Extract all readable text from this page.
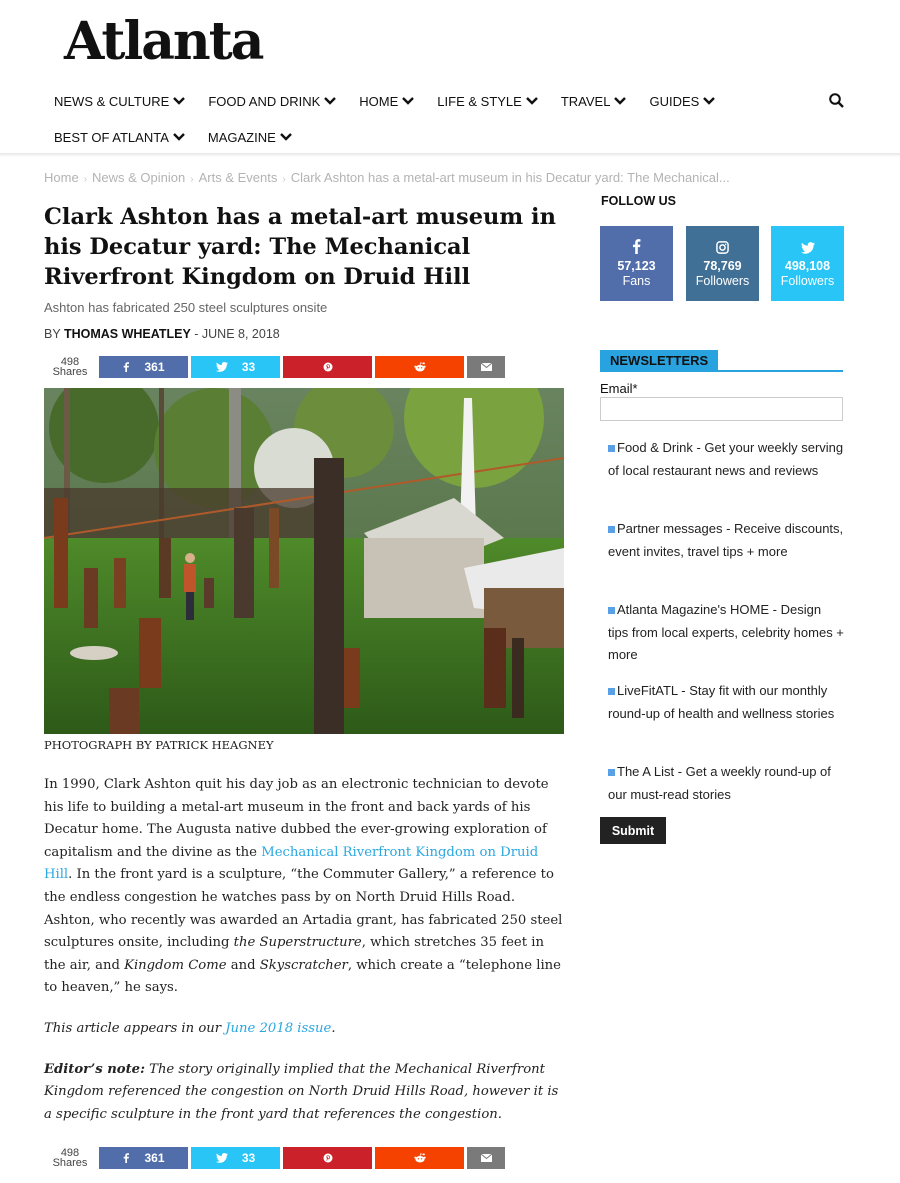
Atlanta
NEWS & CULTURE	FOOD AND DRINK	HOME	LIFE & STYLE	TRAVEL	GUIDES
BEST OF ATLANTA	MAGAZINE
Home › News & Opinion › Arts & Events › Clark Ashton has a metal-art museum in his Decatur yard: The Mechanical...
Clark Ashton has a metal-art museum in his Decatur yard: The Mechanical Riverfront Kingdom on Druid Hill
Ashton has fabricated 250 steel sculptures onsite
BY THOMAS WHEATLEY - JUNE 8, 2018
498
Shares	361	33
PHOTOGRAPH BY PATRICK HEAGNEY

In 1990, Clark Ashton quit his day job as an electronic technician to devote his life to building a metal-art museum in the front and back yards of his Decatur home. The Augusta native dubbed the ever-growing exploration of capitalism and the divine as the Mechanical Riverfront Kingdom on Druid Hill. In the front yard is a sculpture, “the Commuter Gallery,” a reference to the endless congestion he watches pass by on North Druid Hills Road. Ashton, who recently was awarded an Artadia grant, has fabricated 250 steel sculptures onsite, including the Superstructure, which stretches 35 feet in the air, and Kingdom Come and Skyscratcher, which create a “telephone line to heaven,” he says.

This article appears in our June 2018 issue.

Editor’s note: The story originally implied that the Mechanical Riverfront Kingdom referenced the congestion on North Druid Hills Road, however it is a specific sculpture in the front yard that references the congestion.

498
Shares	361	33
FOLLOW US
57,123
Fans
78,769
Followers
498,108
Followers
NEWSLETTERS
Email*
Food & Drink - Get your weekly serving of local restaurant news and reviews
Partner messages - Receive discounts, event invites, travel tips + more
Atlanta Magazine's HOME - Design tips from local experts, celebrity homes + more
LiveFitATL - Stay fit with our monthly round-up of health and wellness stories
The A List - Get a weekly round-up of our must-read stories
Submit
